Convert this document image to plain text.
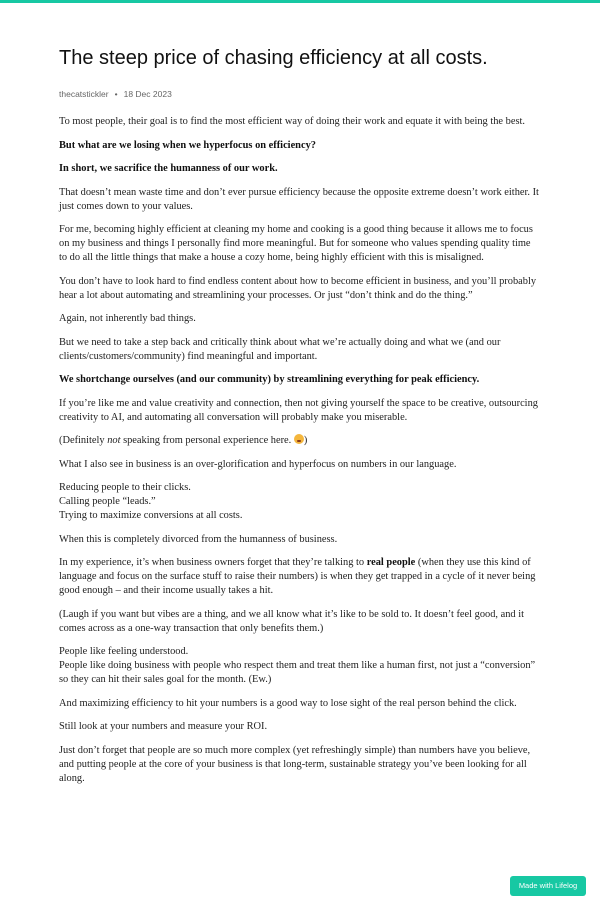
The steep price of chasing efficiency at all costs.
thecatstickler • 18 Dec 2023

To most people, their goal is to find the most efficient way of doing their work and equate it with being the best.

But what are we losing when we hyperfocus on efficiency?

In short, we sacrifice the humanness of our work.

That doesn’t mean waste time and don’t ever pursue efficiency because the opposite extreme doesn’t work either. It just comes down to your values.

For me, becoming highly efficient at cleaning my home and cooking is a good thing because it allows me to focus on my business and things I personally find more meaningful. But for someone who values spending quality time to do all the little things that make a house a cozy home, being highly efficient with this is misaligned.

You don’t have to look hard to find endless content about how to become efficient in business, and you’ll probably hear a lot about automating and streamlining your processes. Or just “don’t think and do the thing.”

Again, not inherently bad things.

But we need to take a step back and critically think about what we’re actually doing and what we (and our clients/customers/community) find meaningful and important.

We shortchange ourselves (and our community) by streamlining everything for peak efficiency.

If you’re like me and value creativity and connection, then not giving yourself the space to be creative, outsourcing creativity to AI, and automating all conversation will probably make you miserable.

(Definitely not speaking from personal experience here. )

What I also see in business is an over-glorification and hyperfocus on numbers in our language.

Reducing people to their clicks.
Calling people “leads.”
Trying to maximize conversions at all costs.

When this is completely divorced from the humanness of business.

In my experience, it’s when business owners forget that they’re talking to real people (when they use this kind of language and focus on the surface stuff to raise their numbers) is when they get trapped in a cycle of it never being good enough – and their income usually takes a hit.

(Laugh if you want but vibes are a thing, and we all know what it’s like to be sold to. It doesn’t feel good, and it comes across as a one-way transaction that only benefits them.)

People like feeling understood.
People like doing business with people who respect them and treat them like a human first, not just a “conversion” so they can hit their sales goal for the month. (Ew.)

And maximizing efficiency to hit your numbers is a good way to lose sight of the real person behind the click.

Still look at your numbers and measure your ROI.

Just don’t forget that people are so much more complex (yet refreshingly simple) than numbers have you believe, and putting people at the core of your business is that long-term, sustainable strategy you’ve been looking for all along.

Made with Lifelog
